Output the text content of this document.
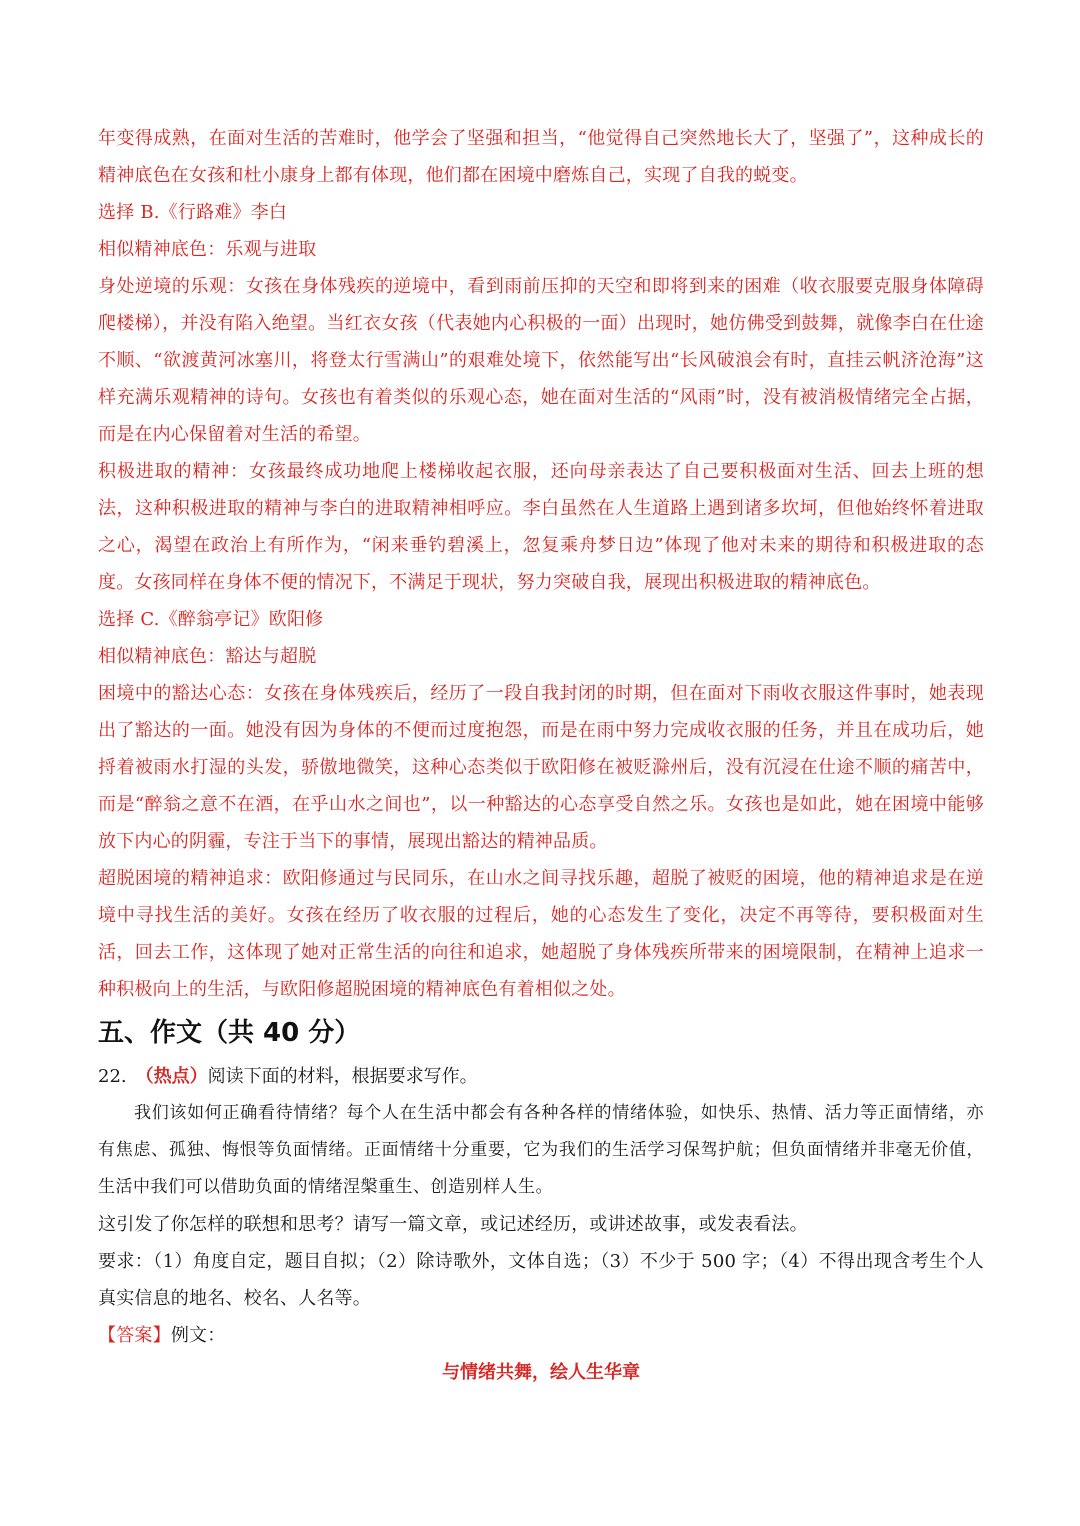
年变得成熟，在面对生活的苦难时，他学会了坚强和担当，“他觉得自己突然地长大了，坚强了”，这种成长的精神底色在女孩和杜小康身上都有体现，他们都在困境中磨炼自己，实现了自我的蜕变。

选择 B.《行路难》李白

相似精神底色：乐观与进取

身处逆境的乐观：女孩在身体残疾的逆境中，看到雨前压抑的天空和即将到来的困难（收衣服要克服身体障碍爬楼梯），并没有陷入绝望。当红衣女孩（代表她内心积极的一面）出现时，她仿佛受到鼓舞，就像李白在仕途不顺、“欲渡黄河冰塞川，将登太行雪满山”的艰难处境下，依然能写出“长风破浪会有时，直挂云帆济沧海”这样充满乐观精神的诗句。女孩也有着类似的乐观心态，她在面对生活的“风雨”时，没有被消极情绪完全占据，而是在内心保留着对生活的希望。

积极进取的精神：女孩最终成功地爬上楼梯收起衣服，还向母亲表达了自己要积极面对生活、回去上班的想法，这种积极进取的精神与李白的进取精神相呼应。李白虽然在人生道路上遇到诸多坎坷，但他始终怀着进取之心，渴望在政治上有所作为，“闲来垂钓碧溪上，忽复乘舟梦日边”体现了他对未来的期待和积极进取的态度。女孩同样在身体不便的情况下，不满足于现状，努力突破自我，展现出积极进取的精神底色。

选择 C.《醉翁亭记》欧阳修

相似精神底色：豁达与超脱

困境中的豁达心态：女孩在身体残疾后，经历了一段自我封闭的时期，但在面对下雨收衣服这件事时，她表现出了豁达的一面。她没有因为身体的不便而过度抱怨，而是在雨中努力完成收衣服的任务，并且在成功后，她捋着被雨水打湿的头发，骄傲地微笑，这种心态类似于欧阳修在被贬滁州后，没有沉浸在仕途不顺的痛苦中，而是“醉翁之意不在酒，在乎山水之间也”，以一种豁达的心态享受自然之乐。女孩也是如此，她在困境中能够放下内心的阴霾，专注于当下的事情，展现出豁达的精神品质。

超脱困境的精神追求：欧阳修通过与民同乐，在山水之间寻找乐趣，超脱了被贬的困境，他的精神追求是在逆境中寻找生活的美好。女孩在经历了收衣服的过程后，她的心态发生了变化，决定不再等待，要积极面对生活，回去工作，这体现了她对正常生活的向往和追求，她超脱了身体残疾所带来的困境限制，在精神上追求一种积极向上的生活，与欧阳修超脱困境的精神底色有着相似之处。

五、作文（共 40 分）

22.  （热点）阅读下面的材料，根据要求写作。

我们该如何正确看待情绪？每个人在生活中都会有各种各样的情绪体验，如快乐、热情、活力等正面情绪，亦有焦虑、孤独、悔恨等负面情绪。正面情绪十分重要，它为我们的生活学习保驾护航；但负面情绪并非毫无价值，生活中我们可以借助负面的情绪涅槃重生、创造别样人生。

这引发了你怎样的联想和思考？请写一篇文章，或记述经历，或讲述故事，或发表看法。

要求：（1）角度自定，题目自拟；（2）除诗歌外，文体自选；（3）不少于 500 字；（4）不得出现含考生个人真实信息的地名、校名、人名等。

【答案】例文：

与情绪共舞，绘人生华章
